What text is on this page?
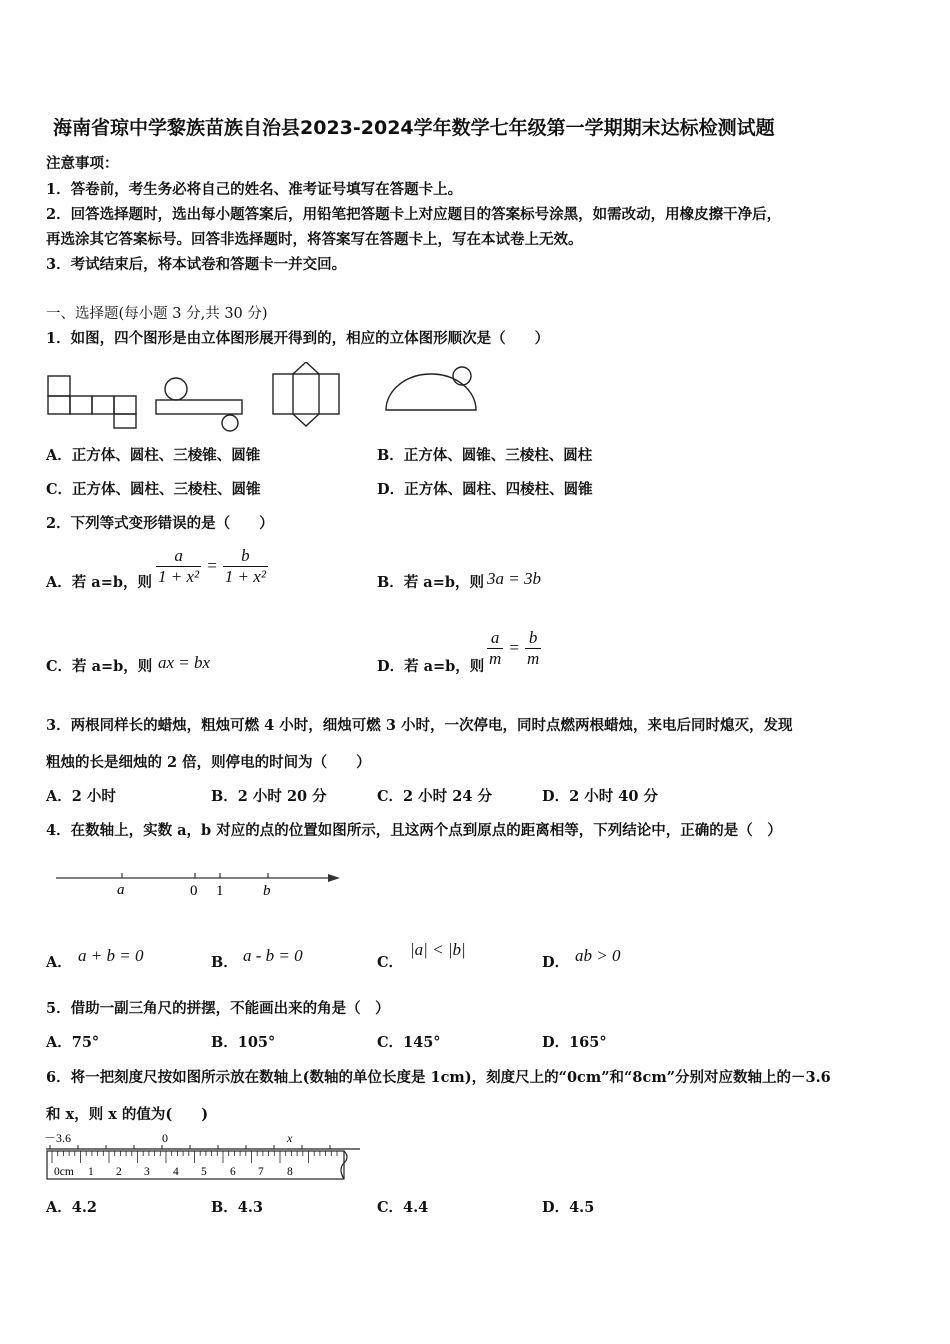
海南省琼中学黎族苗族自治县2023-2024学年数学七年级第一学期期末达标检测试题
注意事项：
1．答卷前，考生务必将自己的姓名、准考证号填写在答题卡上。
2．回答选择题时，选出每小题答案后，用铅笔把答题卡上对应题目的答案标号涂黑，如需改动，用橡皮擦干净后，
再选涂其它答案标号。回答非选择题时，将答案写在答题卡上，写在本试卷上无效。
3．考试结束后，将本试卷和答题卡一并交回。
一、选择题(每小题 3 分,共 30 分)
1．如图，四个图形是由立体图形展开得到的，相应的立体图形顺次是（　　）
A．正方体、圆柱、三棱锥、圆锥	B．正方体、圆锥、三棱柱、圆柱
C．正方体、圆柱、三棱柱、圆锥	D．正方体、圆柱、四棱柱、圆锥
2．下列等式变形错误的是（　　）
A．若 a=b，则 $\frac{a}{\text{1 + x²}} = \frac{b}{\text{1 + x²}}$	B．若 a=b，则 3a = 3b
C．若 a=b，则 ax = bx	D．若 a=b，则 $\frac{a}{m} = \frac{b}{m}$
3．两根同样长的蜡烛，粗烛可燃 4 小时，细烛可燃 3 小时，一次停电，同时点燃两根蜡烛，来电后同时熄灭，发现
粗烛的长是细烛的 2 倍，则停电的时间为（　　）
A．2 小时	B．2 小时 20 分	C．2 小时 24 分	D．2 小时 40 分
4．在数轴上，实数 a，b 对应的点的位置如图所示，且这两个点到原点的距离相等，下列结论中，正确的是（　）
a	0 1	b
A． a + b = 0	B． a - b = 0	C．
|a| < |b|
D． ab > 0
5．借助一副三角尺的拼摆，不能画出来的角是（　）
A．75°	B．105°	C．145°	D．165°
6．将一把刻度尺按如图所示放在数轴上(数轴的单位长度是 1cm)，刻度尺上的“0cm”和“8cm”分别对应数轴上的－3.6
和 x，则 x 的值为(　　)
－3.6	0	x
0cm 1 2 3 4 5 6 7 8
A．4.2	B．4.3	C．4.4	D．4.5
